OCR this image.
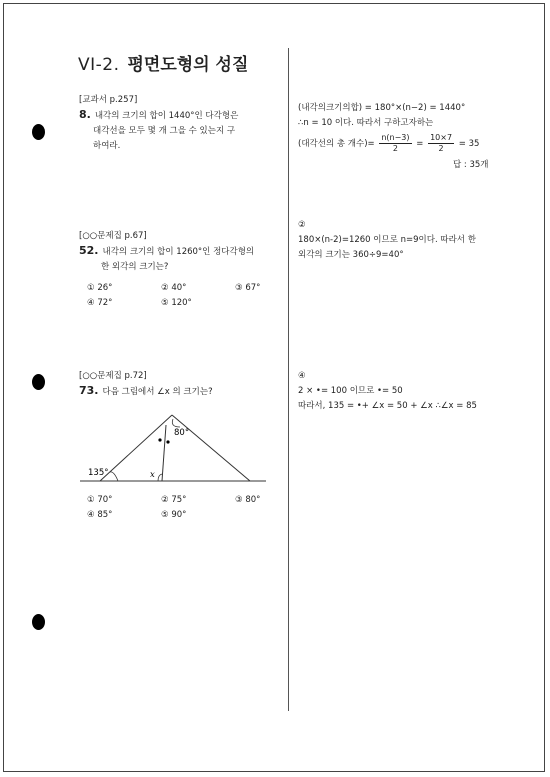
VI-2. 평면도형의 성질
[교과서 p.257]
8. 내각의 크기의 합이 1440°인 다각형은
대각선을 모두 몇 개 그을 수 있는지 구
하여라.
(내각의크기의합) = 180°×(n−2) = 1440°
∴n = 10 이다. 따라서 구하고자하는
(대각선의 총 개수)= $\frac{n(n-3)}{2} = \frac{10\times 7}{2} = 35$
답 : 35개
[○○문제집 p.67]
52. 내각의 크기의 합이 1260°인 정다각형의
한 외각의 크기는?
① 26°	② 40°	③ 67°
④ 72°	⑤ 120°
②
180×(n-2)=1260 이므로 n=9이다. 따라서 한
외각의 크기는 360÷9=40°
[○○문제집 p.72]
73. 다음 그림에서 ∠x 의 크기는?
80°
135°	x
① 70°	② 75°	③ 80°
④ 85°	⑤ 90°
④
2 × •= 100 이므로 •= 50
따라서, 135 = •+ ∠x = 50 + ∠x ∴∠x = 85
